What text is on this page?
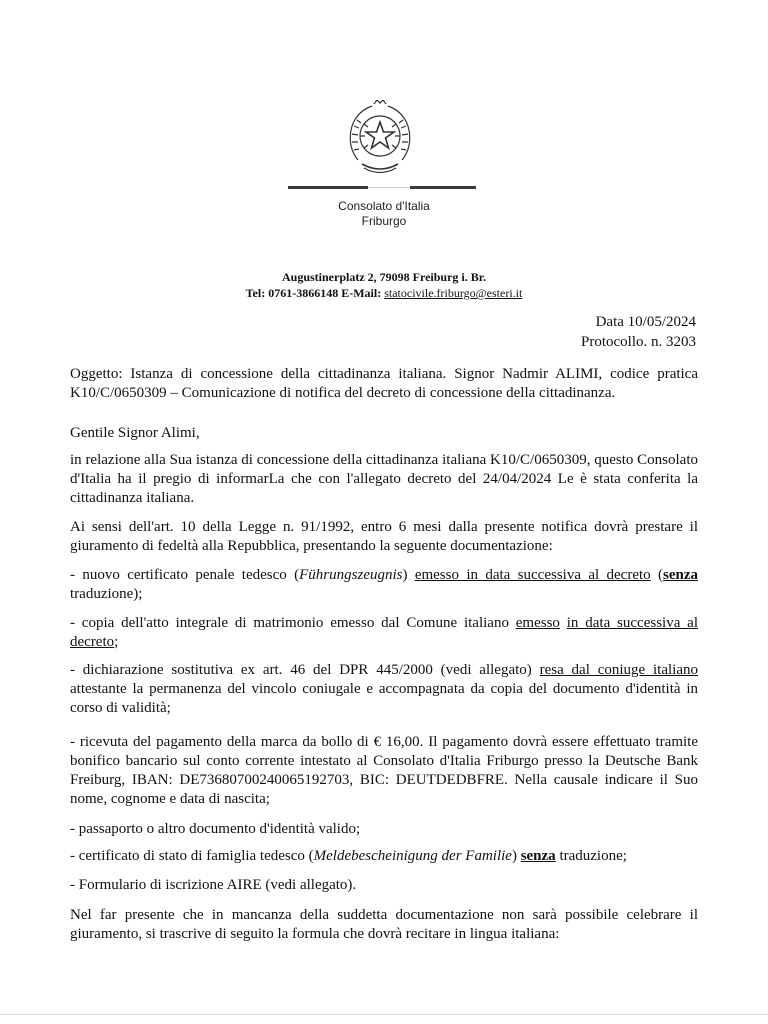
Consolato d'Italia
Friburgo
Augustinerplatz 2, 79098 Freiburg i. Br.
Tel: 0761-3866148 E-Mail: statocivile.friburgo@esteri.it
Data 10/05/2024
Protocollo. n. 3203
Oggetto: Istanza di concessione della cittadinanza italiana. Signor Nadmir ALIMI, codice pratica K10/C/0650309 – Comunicazione di notifica del decreto di concessione della cittadinanza.
Gentile Signor Alimi,
in relazione alla Sua istanza di concessione della cittadinanza italiana K10/C/0650309, questo Consolato d'Italia ha il pregio di informarLa che con l'allegato decreto del 24/04/2024 Le è stata conferita la cittadinanza italiana.
Ai sensi dell'art. 10 della Legge n. 91/1992, entro 6 mesi dalla presente notifica dovrà prestare il giuramento di fedeltà alla Repubblica, presentando la seguente documentazione:
- nuovo certificato penale tedesco (Führungszeugnis) emesso in data successiva al decreto (senza traduzione);
- copia dell'atto integrale di matrimonio emesso dal Comune italiano emesso in data successiva al decreto;
- dichiarazione sostitutiva ex art. 46 del DPR 445/2000 (vedi allegato) resa dal coniuge italiano attestante la permanenza del vincolo coniugale e accompagnata da copia del documento d'identità in corso di validità;
- ricevuta del pagamento della marca da bollo di € 16,00. Il pagamento dovrà essere effettuato tramite bonifico bancario sul conto corrente intestato al Consolato d'Italia Friburgo presso la Deutsche Bank Freiburg, IBAN: DE73680700240065192703, BIC: DEUTDEDBFRE. Nella causale indicare il Suo nome, cognome e data di nascita;
- passaporto o altro documento d'identità valido;
- certificato di stato di famiglia tedesco (Meldebescheinigung der Familie) senza traduzione;
- Formulario di iscrizione AIRE (vedi allegato).
Nel far presente che in mancanza della suddetta documentazione non sarà possibile celebrare il giuramento, si trascrive di seguito la formula che dovrà recitare in lingua italiana:
